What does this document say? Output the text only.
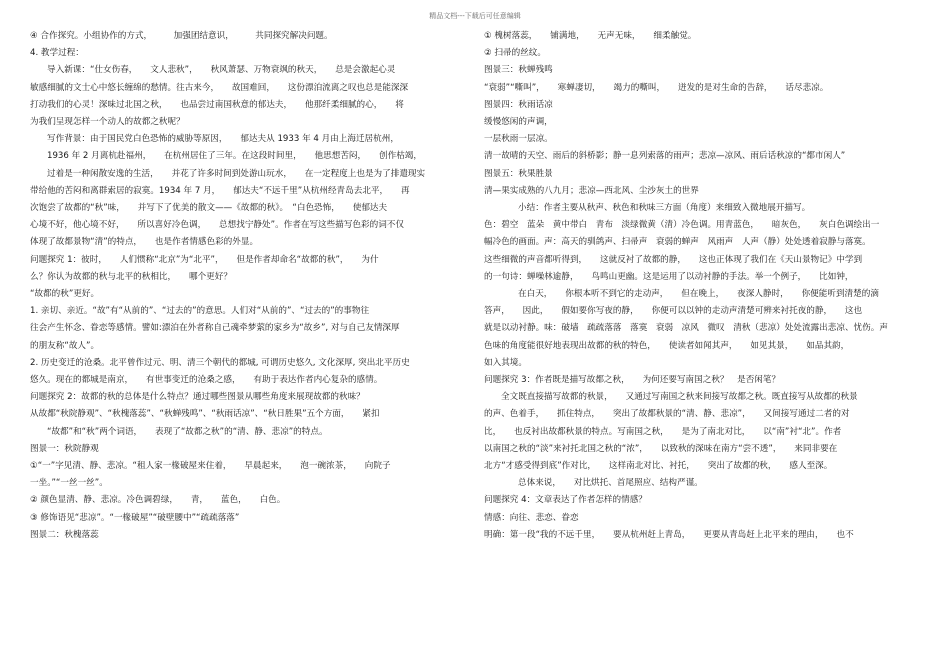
精品文档---下载后可任意编辑

④ 合作探究。小组协作的方式，　　　加强团结意识，　　　共同探究解决问题。

4. 教学过程：

导入新课：“仕女伤春，　　文人悲秋”，　　秋风萧瑟、万物衰飒的秋天，　　总是会激起心灵

敏感细腻的文士心中悠长缠绵的愁情。往古来今，　　故国难回，　　这份漂泊流离之叹也总是能深深

打动我们的心灵！深味过北国之秋，　　也品尝过南国秋意的郁达夫，　　他那纤柔细腻的心，　　将

为我们呈现怎样一个动人的故都之秋呢？

写作背景：由于国民党白色恐怖的威胁等原因，　　郁达夫从 1933 年 4 月由上海迁居杭州，

1936 年 2 月离杭赴福州，　　在杭州居住了三年。在这段时间里，　　他思想苦闷，　　创作枯竭，

过着是一种闲散安逸的生活，　　并花了许多时间到处游山玩水，　　在一定程度上也是为了排遣现实

带给他的苦闷和离群索居的寂寞。1934 年 7 月，　　郁达夫“不远千里”从杭州经青岛去北平，　　再

次饱尝了故都的“秋”味，　　并写下了优美的散文——《故都的秋》。　“白色恐怖，　　使郁达夫

心境不好，他心境不好，　　所以喜好冷色调，　　总想找宁静处”。作者在写这些描写色彩的词不仅

体现了故都景物“清”的特点，　　也是作者情感色彩的外显。

问题探究 1：彼时，　　人们惯称“北京”为“北平”，　　但是作者却命名“故都的秋”，　　为什

么？你认为故都的秋与北平的秋相比，　　哪个更好？

“故都的秋”更好。

1. 亲切、亲近。“故”有“从前的”、“过去的”的意思。人们对“从前的”、“过去的”的事物往

往会产生怀念、眷恋等感情。譬如:漂泊在外者称自己魂牵梦萦的家乡为“故乡”, 对与自己友情深厚

的朋友称“故人”。

2. 历史变迁的沧桑。北平曾作过元、明、清三个朝代的都城, 可谓历史悠久, 文化深厚, 突出北平历史

悠久。现在的都城是南京，　　有世事变迁的沧桑之感，　　有助于表达作者内心复杂的感情。

问题探究 2：故都的秋的总体是什么特点？通过哪些图景从哪些角度来展现故都的秋味？

从故都“秋院静观”、“秋槐落蕊”、“秋蝉残鸣”、“秋雨话凉”、“秋日胜果”五个方面，　　紧扣

“故都”和“秋”两个词语，　　表现了“故都之秋”的“清、静、悲凉”的特点。

图景一：秋院静观

①“一”字见清、静、悲凉。“租人家一椽破屋来住着，　　早晨起来，　　泡一碗浓茶，　　向院子

一坐。”“一丝一丝”。

② 颜色显清、静、悲凉。冷色调碧绿，　　青，　　蓝色，　　白色。

③ 修饰语见“悲凉”。“一椽破屋”“破壁腰中”“疏疏落落”

图景二：秋槐落蕊

① 槐树落蕊，　　铺满地，　　无声无味，　　细柔触觉。

② 扫帚的丝纹。

图景三：秋蝉残鸣

“衰弱”“嘶叫”，　　寒蝉凄切，　　竭力的嘶叫，　　迸发的是对生命的告辞，　　话尽悲凉。

图景四：秋雨话凉

缓慢悠闲的声调，

一层秋雨一层凉。

清一故晴的天空、雨后的斜桥影；静一息列索落的雨声；悲凉—凉风、雨后话秋凉的“都市闲人”

图景五：秋果胜景

清—果实成熟的八九月；悲凉—西北风、尘沙灰土的世界

小结：作者主要从秋声、秋色和秋味三方面（角度）来细致入微地展开描写。

色：碧空　蓝朵　黄中带白　青布　淡绿微黄（清）冷色调。用青蓝色，　　暗灰色，　　灰白色调绘出一

幅冷色的画面。声：高天的驯鸽声、扫帚声　衰弱的蝉声　风雨声　人声（静）处处透着寂静与落寞。

这些细微的声音都听得到，　　这就反衬了故都的静，　　这也正体现了我们在《天山景物记》中学到

的一句诗：蝉噪林逾静，　　鸟鸣山更幽。这是运用了以动衬静的手法。举一个例子，　　比如钟，

在白天，　　你根本听不到它的走动声，　　但在晚上，　　夜深人静时，　　你便能听到清楚的滴

答声，　　因此，　　假如要你写夜的静，　　你便可以以钟的走动声清楚可辨来衬托夜的静，　　这也

就是以动衬静。味：破墙　疏疏落落　落寞　衰弱　凉风　微叹　清秋（悲凉）处处流露出悲凉、忧伤。声

色味的角度能很好地表现出故都的秋的特色，　　使读者如闻其声，　　如见其景，　　如品其韵，

如入其境。

问题探究 3：作者既是描写故都之秋，　　为何还要写南国之秋？　是否闲笔？

全文既直接描写故都的秋景，　　又通过写南国之秋来间接写故都之秋。既直接写从故都的秋景

的声、色着手，　　抓住特点，　　突出了故都秋景的“清、静、悲凉”，　　又间接写通过二者的对

比，　　也反衬出故都秋景的特点。写南国之秋，　　是为了南北对比，　　以“南”衬“北”。作者

以南国之秋的“淡”来衬托北国之秋的“浓”，　　以致秋的深味在南方“尝不透”，　　来同非要在

北方“才感受得到底”作对比，　　这样南北对比、衬托，　　突出了故都的秋，　　感人至深。

总体来说，　　对比烘托、首尾照应、结构严谨。

问题探究 4：文章表达了作者怎样的情感？

情感：向往、悲恋、眷恋

明确：第一段“我的不远千里，　　要从杭州赶上青岛，　　更要从青岛赶上北平来的理由，　　也不
